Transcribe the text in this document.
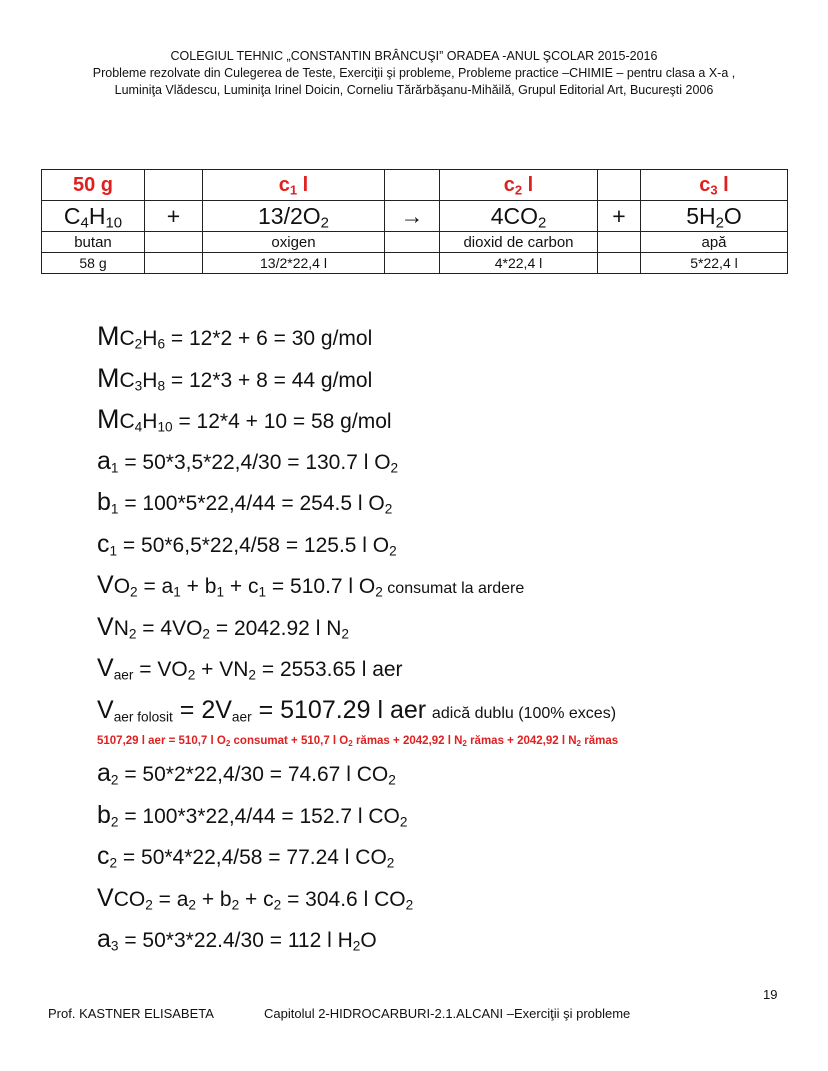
COLEGIUL TEHNIC „CONSTANTIN BRÂNCUŞI” ORADEA -ANUL ŞCOLAR 2015-2016
Probleme rezolvate din Culegerea de Teste, Exerciţii şi probleme, Probleme practice –CHIMIE – pentru clasa a X-a ,
Luminiţa Vlădescu, Luminiţa Irinel Doicin, Corneliu Tărărbăşanu-Mihăilă, Grupul Editorial Art, Bucureşti 2006
50 g		$c_1$ l		$c_2$ l		$c_3$ l
$C_4H_{10}$	+	$13/2O_2$	→	$4CO_2$	+	$5H_2O$
butan		oxigen		dioxid de carbon		apă
58 g		13/2*22,4 l		4*22,4 l		5*22,4 l
$MC_2H_6 = 12*2 + 6 = 30$ g/mol
$MC_3H_8 = 12*3 + 8 = 44$ g/mol
$MC_4H_{10} = 12*4 + 10 = 58$ g/mol
$a_1 = 50*3,5*22,4/30 = 130.7$ l $O_2$
$b_1 = 100*5*22,4/44 = 254.5$ l $O_2$
$c_1 = 50*6,5*22,4/58 = 125.5$ l $O_2$
$VO_2 = a_1 + b_1 + c_1 = 510.7$ l $O_2$ consumat la ardere
$VN_2 = 4VO_2 = 2042.92$ l $N_2$
$V_{aer} = VO_2 + VN_2 = 2553.65$ l aer
$V_{aer folosit} = 2V_{aer} = 5107.29$ l aer adică dublu (100% exces)
5107,29 l aer = 510,7 l $O_2$ consumat + 510,7 l $O_2$ rămas + 2042,92 l $N_2$ rămas + 2042,92 l $N_2$ rămas
$a_2 = 50*2*22,4/30 = 74.67$ l $CO_2$
$b_2 = 100*3*22,4/44 = 152.7$ l $CO_2$
$c_2 = 50*4*22,4/58 = 77.24$ l $CO_2$
$VCO_2 = a_2 + b_2 + c_2 = 304.6$ l $CO_2$
$a_3 = 50*3*22.4/30 = 112$ l $H_2O$
19
Prof. KASTNER ELISABETA	Capitolul 2-HIDROCARBURI-2.1.ALCANI –Exerciţii şi probleme
